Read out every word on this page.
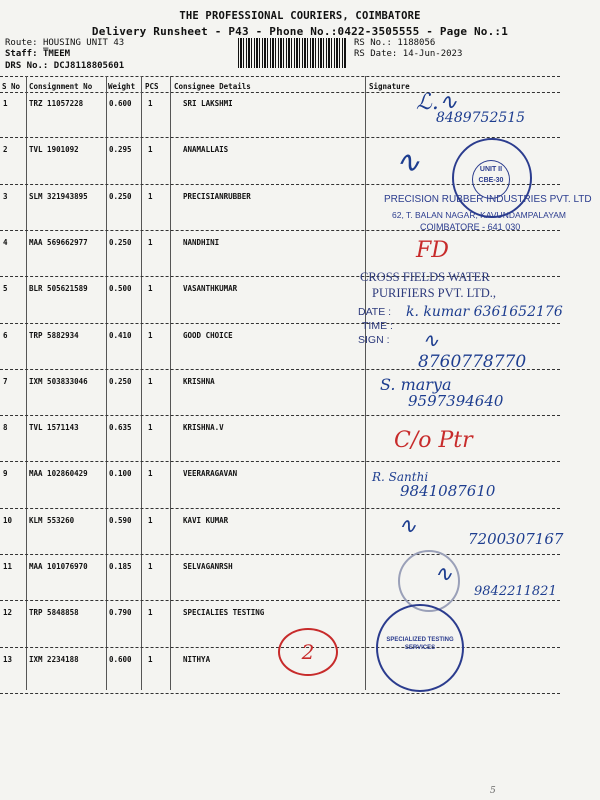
THE PROFESSIONAL COURIERS, COIMBATORE
Delivery Runsheet - P43 - Phone No.:0422-3505555 - Page No.:1
Route: HOUSING UNIT 43
Staff: T̅MEEM
DRS No.: DCJ8118805601
RS No.: 1188056
RS Date: 14-Jun-2023
S No Consignment No Weight PCS Consignee Details	Signature
1	TRZ 11057228	0.600 1	SRI LAKSHMI
2	TVL 1901092	0.295 1	ANAMALLAIS
3	SLM 321943895	0.250 1	PRECISIANRUBBER
4	MAA 569662977	0.250 1	NANDHINI
5	BLR 505621589	0.500 1	VASANTHKUMAR
6	TRP 5882934	0.410 1	GOOD CHOICE
7	IXM 503833046	0.250 1	KRISHNA
8	TVL 1571143	0.635 1	KRISHNA.V
9	MAA 102860429	0.100 1	VEERARAGAVAN
10 KLM 553260	0.590 1	KAVI KUMAR
11 MAA 101076970	0.185 1	SELVAGANRSH
12 TRP 5848858	0.790 1	SPECIALIES TESTING
13 IXM 2234188	0.600 1	NITHYA
ℒ.∿
8489752515
∿	UNIT II
CBE-30
PRECISION RUBBER INDUSTRIES PVT. LTD
62, T. BALAN NAGAR, KAVUNDAMPALAYAM
COIMBATORE - 641 030
FD
CROSS FIELDS WATER
PURIFIERS PVT. LTD.,
DATE :
TIME :
SIGN :
k. kumar 6361652176
∿
8760778770
S. marya
9597394640
C/o Ptr
R. Santhi
9841087610
∿	7200307167
∿
9842211821
SPECIALIZED TESTING SERVICES
2
5
